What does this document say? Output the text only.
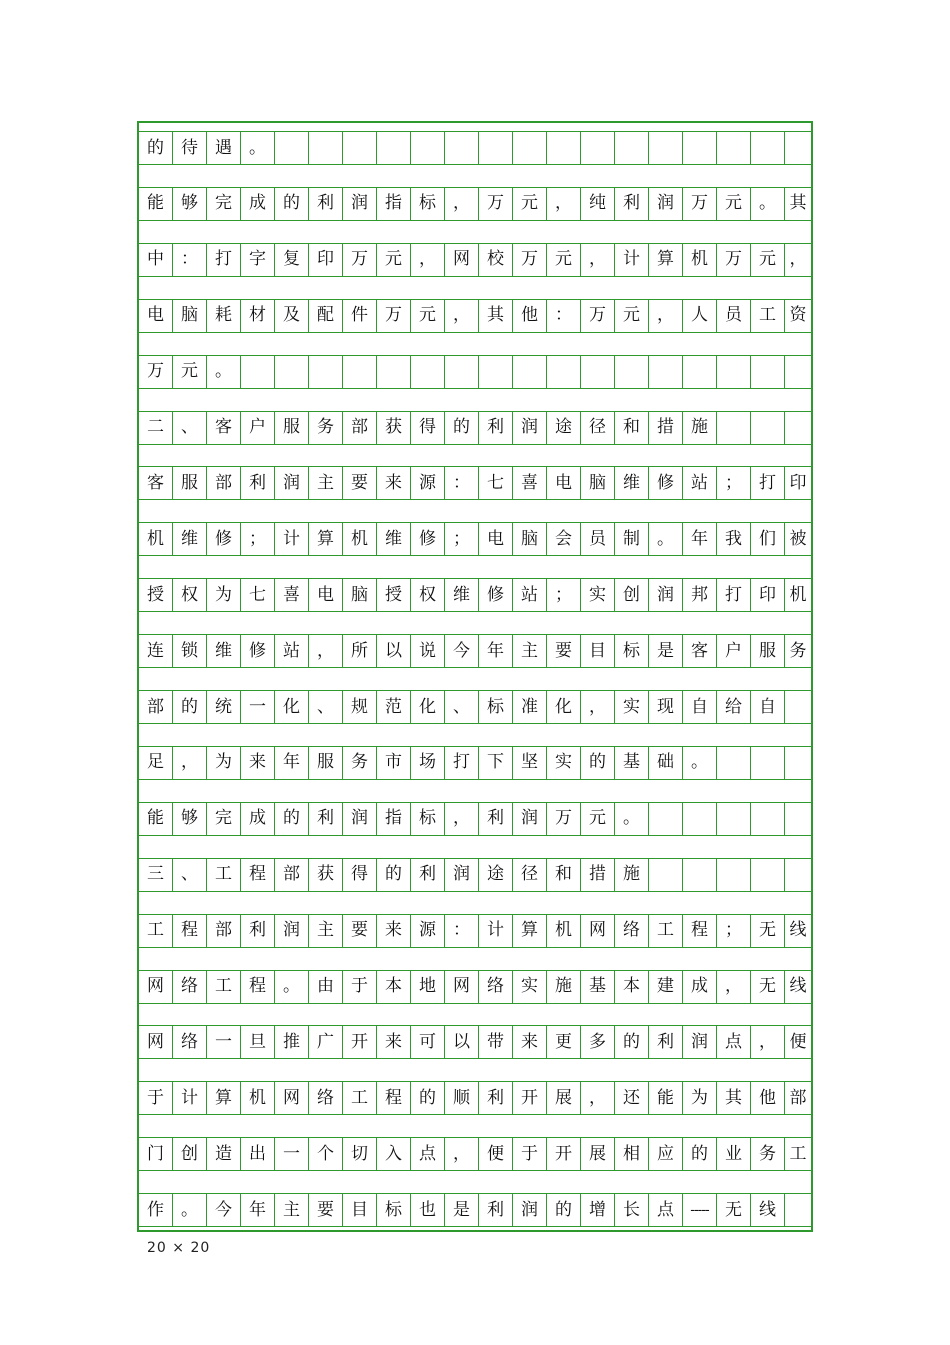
的	待	遇	。
能	够	完	成	的	利	润	指	标	，	万	元	，	纯	利	润	万	元	。 其
中	：	打	字	复	印	万	元	，	网	校	万	元	，	计	算	机	万	元 ，
电	脑	耗	材	及	配	件	万	元	，	其	他	：	万	元	，	人	员	工 资
万	元	。
二	、	客	户	服	务	部	获	得	的	利	润	途	径	和	措	施
客	服	部	利	润	主	要	来	源	：	七	喜	电	脑	维	修	站	；	打 印
机	维	修	；	计	算	机	维	修	；	电	脑	会	员	制	。	年	我	们 被
授	权	为	七	喜	电	脑	授	权	维	修	站	；	实	创	润	邦	打	印 机
连	锁	维	修	站	，	所	以	说	今	年	主	要	目	标	是	客	户	服 务
部	的	统	一	化	、	规	范	化	、	标	准	化	，	实	现	自	给	自
足	，	为	来	年	服	务	市	场	打	下	坚	实	的	基	础	。
能	够	完	成	的	利	润	指	标	，	利	润	万	元	。
三	、	工	程	部	获	得	的	利	润	途	径	和	措	施
工	程	部	利	润	主	要	来	源	：	计	算	机	网	络	工	程	；	无 线
网	络	工	程	。	由	于	本	地	网	络	实	施	基	本	建	成	，	无 线
网	络	一	旦	推	广	开	来	可	以	带	来	更	多	的	利	润	点	， 便
于	计	算	机	网	络	工	程	的	顺	利	开	展	，	还	能	为	其	他 部
门	创	造	出	一	个	切	入	点	，	便	于	开	展	相	应	的	业	务 工
作	。	今	年	主	要	目	标	也	是	利	润	的	增	长	点	----- 无	线
20 × 20
